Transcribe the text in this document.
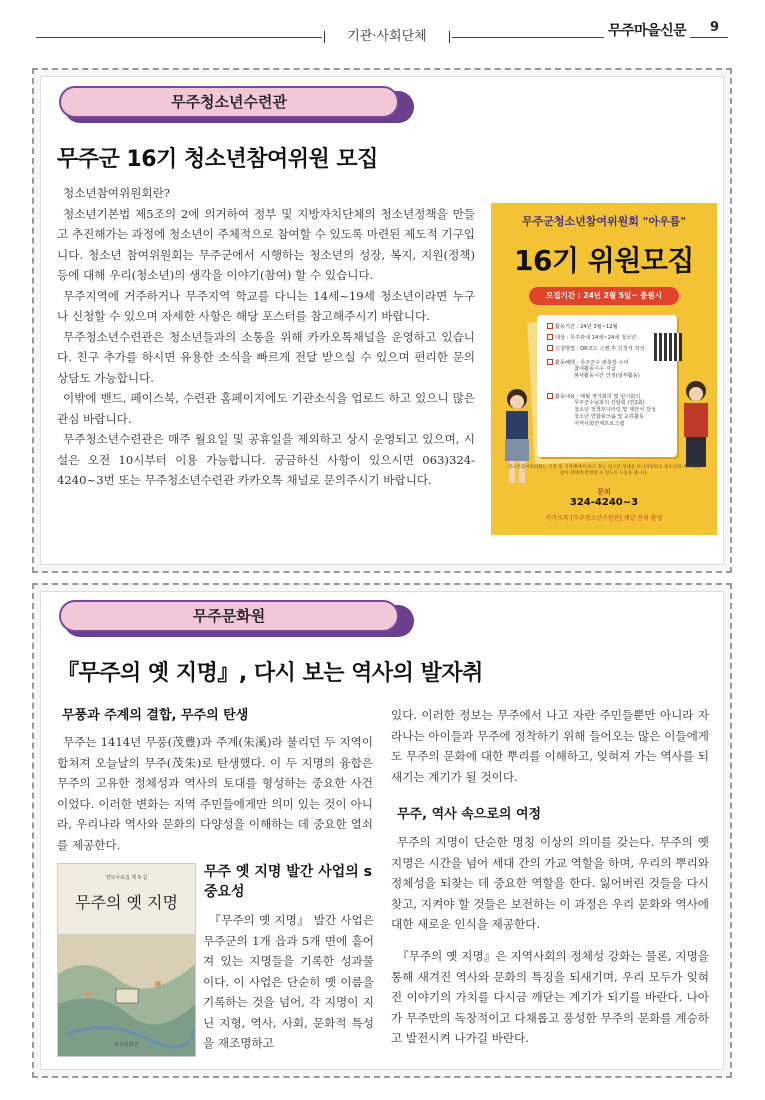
기관·사회단체	무주마을신문	9
무주청소년수련관
무주군 16기 청소년참여위원 모집

청소년참여위원회란?

청소년기본법 제5조의 2에 의거하여 정부 및 지방자치단체의 청소년정책을 만들고 추진해가는 과정에 청소년이 주체적으로 참여할 수 있도록 마련된 제도적 기구입니다. 청소년 참여위원회는 무주군에서 시행하는 청소년의 성장, 복지, 지원(정책) 등에 대해 우리(청소년)의 생각을 이야기(참여) 할 수 있습니다.

무주지역에 거주하거나 무주지역 학교를 다니는 14세~19세 청소년이라면 누구나 신청할 수 있으며 자세한 사항은 해당 포스터를 참고해주시기 바랍니다.

무주청소년수련관은 청소년들과의 소통을 위해 카카오톡채널을 운영하고 있습니다. 친구 추가를 하시면 유용한 소식을 빠르게 전달 받으실 수 있으며 편리한 문의 상담도 가능합니다.

이밖에 밴드, 페이스북, 수련관 홈페이지에도 기관소식을 업로드 하고 있으니 많은 관심 바랍니다.

무주청소년수련관은 매주 월요일 및 공휴일을 제외하고 상시 운영되고 있으며, 시설은 오전 10시부터 이용 가능합니다. 궁금하신 사항이 있으시면 063)324-4240~3번 또는 무주청소년수련관 카카오톡 채널로 문의주시기 바랍니다.

무주군청소년참여위원회 "아우름"
16기 위원모집
모집기간 : 24년 2월 5일~ 충원시
활동기간 : 24년 3월~12월
대상 : 무주관내 14세~24세 청소년
신청방법 : QR코드 스캔 후 신청서 작성
활동혜택 : 무주군수 위촉장 수여
참여활동시수 지급
봉사활동시간 인정(일부활동)
활동내용 : 매월 정기회의 및 임시회의
무주군수님과의 간담회 (연2회)
청소년 정책모니터링 및 제안서 작성
청소년 연합워크숍 및 교류활동
지역사회연계프로그램
청소년참여위원회는 기관 및 지자체에서 하고 있는 청소년 정책을 모니터링하고 청소년의 목소리를 담아 정책에 반영할 수 있도록 도움을 줍니다.
문의
324-4240~3
카카오톡 [무주청소년수련관] 채널 문의 환영
무주문화원
『무주의 옛 지명』, 다시 보는 역사의 발자취
무풍과 주계의 결합, 무주의 탄생

무주는 1414년 무풍(茂豊)과 주계(朱溪)라 불리던 두 지역이 합쳐져 오늘날의 무주(茂朱)로 탄생했다. 이 두 지명의 융합은 무주의 고유한 정체성과 역사의 토대를 형성하는 중요한 사건이었다. 이러한 변화는 지역 주민들에게만 의미 있는 것이 아니라, 우리나라 역사와 문화의 다양성을 이해하는 데 중요한 열쇠를 제공한다.

향토사료집 제 9 집
무주의 옛 지명
무주문화원
무주 옛 지명 발간 사업의 s중요성

『무주의 옛 지명』 발간 사업은 무주군의 1개 읍과 5개 면에 흩어져 있는 지명들을 기록한 성과물이다. 이 사업은 단순히 옛 이름을 기록하는 것을 넘어, 각 지명이 지닌 지형, 역사, 사회, 문화적 특성을 재조명하고

있다. 이러한 정보는 무주에서 나고 자란 주민들뿐만 아니라 자라나는 아이들과 무주에 정착하기 위해 들어오는 많은 이들에게도 무주의 문화에 대한 뿌리를 이해하고, 잊혀져 가는 역사를 되새기는 계기가 될 것이다.

무주, 역사 속으로의 여정

무주의 지명이 단순한 명칭 이상의 의미를 갖는다. 무주의 옛 지명은 시간을 넘어 세대 간의 가교 역할을 하며, 우리의 뿌리와 정체성을 되찾는 데 중요한 역할을 한다. 잃어버린 것들을 다시 찾고, 지켜야 할 것들은 보전하는 이 과정은 우리 문화와 역사에 대한 새로운 인식을 제공한다.

『무주의 옛 지명』은 지역사회의 정체성 강화는 물론, 지명을 통해 새겨진 역사와 문화의 특징을 되새기며, 우리 모두가 잊혀진 이야기의 가치를 다시금 깨닫는 계기가 되기를 바란다. 나아가 무주만의 독창적이고 다채롭고 풍성한 무주의 문화를 계승하고 발전시켜 나가길 바란다.
